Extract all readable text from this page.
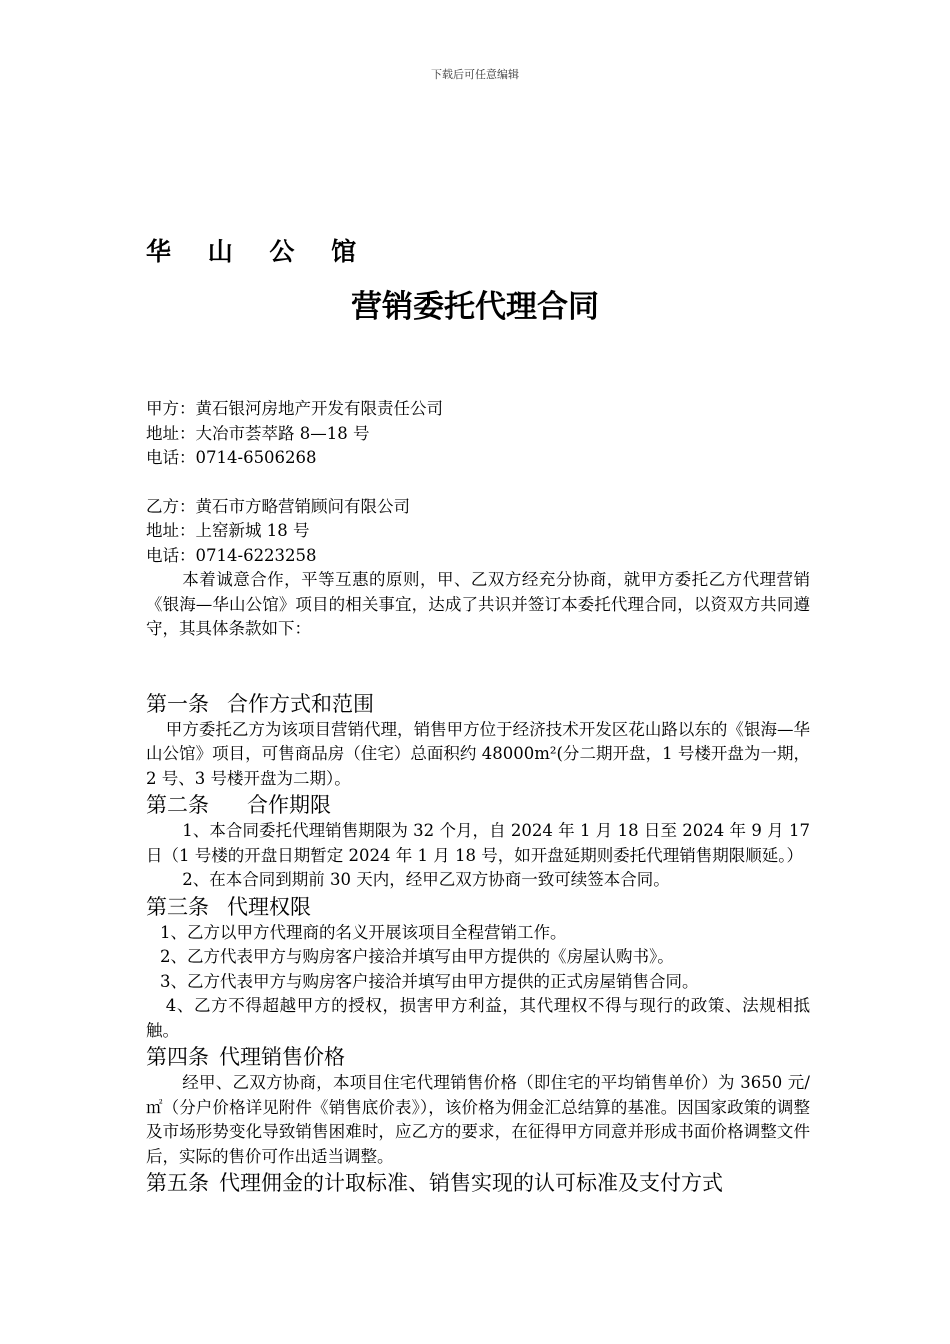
下载后可任意编辑
华 山 公 馆
营销委托代理合同
甲方：黄石银河房地产开发有限责任公司
地址：大冶市荟萃路 8—18 号
电话：0714-6506268
乙方：黄石市方略营销顾问有限公司
地址：上窑新城 18 号
电话：0714-6223258
本着诚意合作，平等互惠的原则，甲、乙双方经充分协商，就甲方委托乙方代理营销《银海—华山公馆》项目的相关事宜，达成了共识并签订本委托代理合同，以资双方共同遵守，其具体条款如下：
第一条 合作方式和范围
甲方委托乙方为该项目营销代理，销售甲方位于经济技术开发区花山路以东的《银海—华山公馆》项目，可售商品房（住宅）总面积约 48000m²(分二期开盘，1 号楼开盘为一期，2 号、3 号楼开盘为二期）。
第二条 合作期限
1、本合同委托代理销售期限为 32 个月，自 2024 年 1 月 18 日至 2024 年 9 月 17 日（1 号楼的开盘日期暂定 2024 年 1 月 18 号，如开盘延期则委托代理销售期限顺延。）
2、在本合同到期前 30 天内，经甲乙双方协商一致可续签本合同。
第三条 代理权限
1、乙方以甲方代理商的名义开展该项目全程营销工作。
2、乙方代表甲方与购房客户接洽并填写由甲方提供的《房屋认购书》。
3、乙方代表甲方与购房客户接洽并填写由甲方提供的正式房屋销售合同。
4、乙方不得超越甲方的授权，损害甲方利益，其代理权不得与现行的政策、法规相抵触。
第四条 代理销售价格
经甲、乙双方协商，本项目住宅代理销售价格（即住宅的平均销售单价）为 3650 元/㎡（分户价格详见附件《销售底价表》），该价格为佣金汇总结算的基准。因国家政策的调整及市场形势变化导致销售困难时，应乙方的要求，在征得甲方同意并形成书面价格调整文件后，实际的售价可作出适当调整。
第五条 代理佣金的计取标准、销售实现的认可标准及支付方式
